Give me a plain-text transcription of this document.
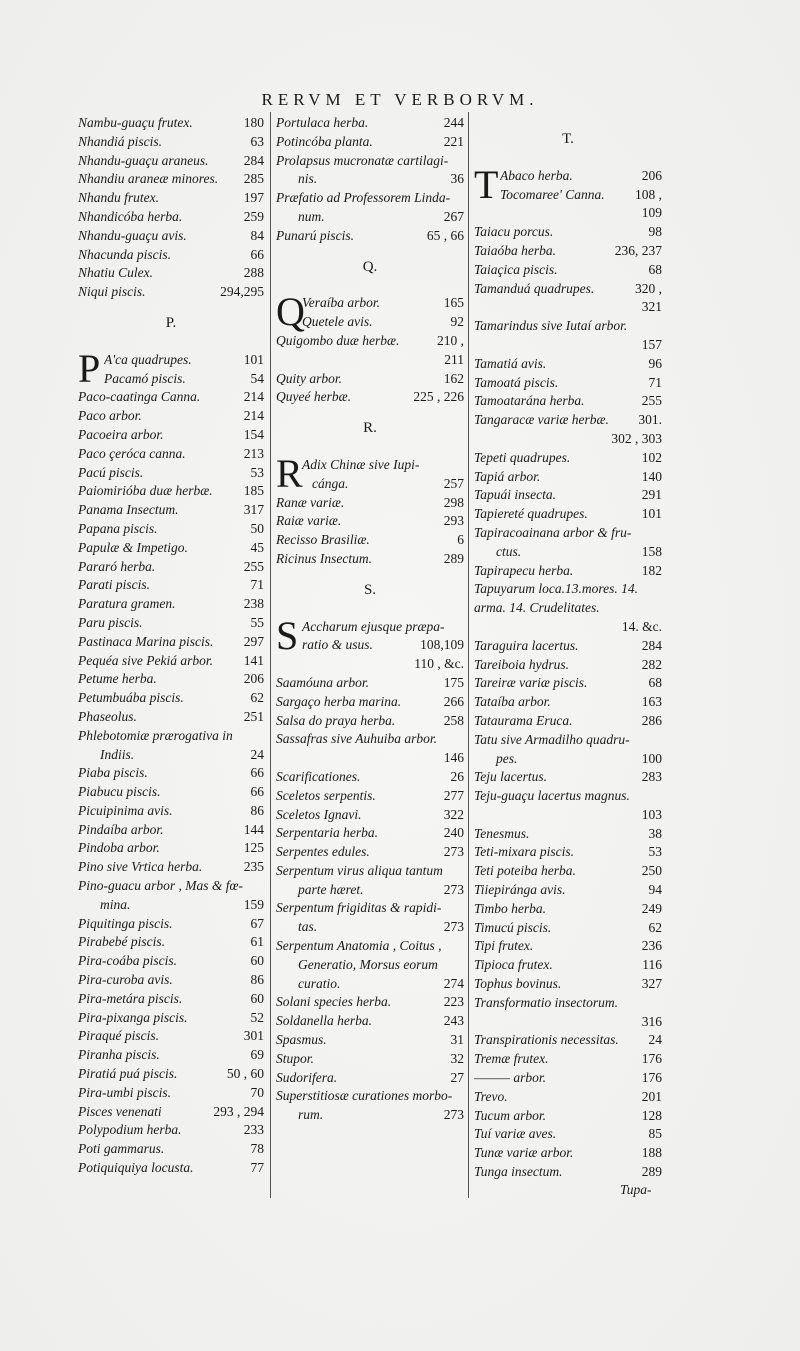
RERVM ET VERBORVM.
Nambu-guaçu frutex.	180
Nhandiá piscis.	63
Nhandu-guaçu araneus.	284
Nhandiu araneæ minores.	285
Nhandu frutex.	197
Nhandicóba herba.	259
Nhandu-guaçu avis.	84
Nhacunda piscis.	66
Nhatiu Culex.	288
Niqui piscis.	294,295
P.
P A'ca quadrupes.	101
Pacamó piscis.	54
Paco-caatinga Canna.	214
Paco arbor.	214
Pacoeira arbor.	154
Paco çeróca canna.	213
Pacú piscis.	53
Paiomirióba duæ herbæ.	185
Panama Insectum.	317
Papana piscis.	50
Papulæ & Impetigo.	45
Pararó herba.	255
Parati piscis.	71
Paratura gramen.	238
Paru piscis.	55
Pastinaca Marina piscis.	297
Pequéa sive Pekiá arbor.	141
Petume herba.	206
Petumbuába piscis.	62
Phaseolus.	251
Phlebotomiæ prærogativa in
Indiis.	24
Piaba piscis.	66
Piabucu piscis.	66
Picuipinima avis.	86
Pindaíba arbor.	144
Pindoba arbor.	125
Pino sive Vrtica herba.	235
Pino-guacu arbor , Mas & fœ-
mina.	159
Piquitinga piscis.	67
Pirabebé piscis.	61
Pira-coába piscis.	60
Pira-curoba avis.	86
Pira-metára piscis.	60
Pira-pixanga piscis.	52
Piraqué piscis.	301
Piranha piscis.	69
Piratiá puá piscis.	50 , 60
Pira-umbi piscis.	70
Pisces venenati	293 , 294
Polypodium herba.	233
Poti gammarus.	78
Potiquiquiya locusta.	77
Portulaca herba.	244
Potincóba planta.	221
Prolapsus mucronatæ cartilagi-
nis.	36
Præfatio ad Professorem Linda-
num.	267
Punarú piscis.	65 , 66
Q.
Q
Veraíba arbor.	165
Quetele avis.	92
Quigombo duæ herbæ.	210 ,
211
Quity arbor.	162
Quyeé herbæ.	225 , 226
R.
R Adix Chinæ sive Iupi-
cánga.	257
Ranæ variæ.	298
Raiæ variæ.	293
Recisso Brasiliæ.	6
Ricinus Insectum.	289
S.
S Accharum ejusque præpa-
ratio & usus.	108,109
110 , &c.
Saamóuna arbor.	175
Sargaço herba marina.	266
Salsa do praya herba.	258
Sassafras sive Auhuiba arbor.
146
Scarificationes.	26
Sceletos serpentis.	277
Sceletos Ignavi.	322
Serpentaria herba.	240
Serpentes edules.	273
Serpentum virus aliqua tantum
parte hæret.	273
Serpentum frigiditas & rapidi-
tas.	273
Serpentum Anatomia , Coitus ,
Generatio, Morsus eorum
curatio.	274
Solani species herba.	223
Soldanella herba.	243
Spasmus.	31
Stupor.	32
Sudorifera.	27
Superstitiosæ curationes morbo-
rum.	273
T.
T Abaco herba.	206
Tocomaree' Canna.	108 ,
109
Taiacu porcus.	98
Taiaóba herba.	236, 237
Taiaçica piscis.	68
Tamanduá quadrupes.	320 ,
321
Tamarindus sive Iutaí arbor.
157
Tamatiá avis.	96
Tamoatá piscis.	71
Tamoatarána herba.	255
Tangaracæ variæ herbæ.	301.
302 , 303
Tepeti quadrupes.	102
Tapiá arbor.	140
Tapuái insecta.	291
Tapiereté quadrupes.	101
Tapiracoainana arbor & fru-
ctus.	158
Tapirapecu herba.	182
Tapuyarum loca.13.mores. 14.
arma. 14. Crudelitates.
14. &c.
Taraguira lacertus.	284
Tareiboia hydrus.	282
Tareiræ variæ piscis.	68
Tataíba arbor.	163
Tataurama Eruca.	286
Tatu sive Armadilho quadru-
pes.	100
Teju lacertus.	283
Teju-guaçu lacertus magnus.
103
Tenesmus.	38
Teti-mixara piscis.	53
Teti poteiba herba.	250
Tiiepiránga avis.	94
Timbo herba.	249
Timucú piscis.	62
Tipi frutex.	236
Tipioca frutex.	116
Tophus bovinus.	327
Transformatio insectorum.
316
Transpirationis necessitas.	24
Tremæ frutex.	176
——— arbor.	176
Trevo.	201
Tucum arbor.	128
Tuí variæ aves.	85
Tunæ variæ arbor.	188
Tunga insectum.	289
Tupa-
